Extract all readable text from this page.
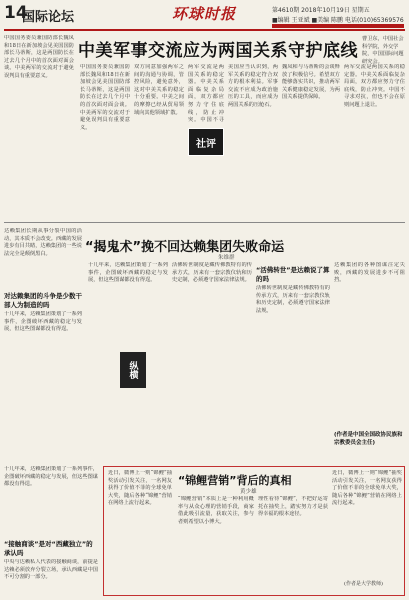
14
国际论坛	环球时报	第4610期 2018年10月19日 星期五
■编辑 王亚斌 ■美编 陈鹏 电话(010)65369576
中国国务委员兼国防部长魏凤和18日在新加坡会见美国国防部长马蒂斯，这是两国防长在过去几个月中的首次面对面会谈。中美两军的交流对于避免误判具有重要意义。
中美军事交流应为两国关系守护底线
曹卫东，中国社会科学院，外交学院，中国国际问题研究会。
中国国务委员兼国防部长魏凤和18日在新加坡会见美国国防部长马蒂斯，这是两国防长在过去几个月中的首次面对面会谈。中美两军的交流对于避免误判具有重要意义。
双方同意加强两军之间的沟通与协调，管控风险，避免意外，这对中美关系的稳定十分重要。中美之间的摩擦已经从贸易领域向其他领域扩散。
两军交流是两国关系的稳定器。中美关系面临复杂局面，双方都应努力守住底线，防止冲突。中国不寻
美国应当认识到，两军关系的稳定符合双方的根本利益。军事交流不应成为政治施压的工具，而应成为两国关系的压舱石。
魏凤和与马蒂斯的会谈释放了积极信号。希望双方能够落实共识，推动两军关系健康稳定发展，为两国关系提供保障。
两军交流是两国关系的稳定器。中美关系面临复杂局面，双方都应努力守住底线，防止冲突。中国不寻求对抗，但也不会在原则问题上退让。
社评
“揭鬼术”挽不回达赖集团失败命运
朱维群
达赖集团长期从事分裂中国的活动，其本质不会改变。西藏的发展进步有目共睹，达赖集团的一些说法完全是颠倒黑白。
对达赖集团的斗争是少数干部人为制造的吗
十几年来，达赖集团策划了一系列事件，企图破坏西藏的稳定与发展，但这些图谋都没有得逞。
十几年来，达赖集团策划了一系列事件，企图破坏西藏的稳定与发展，但这些图谋都没有得逞。
活佛转世制度是藏传佛教特有的传承方式，历来有一套宗教仪轨和历史定制，必须遵守国家法律法规。
“活佛转世”是达赖说了算的吗
活佛转世制度是藏传佛教特有的传承方式，历来有一套宗教仪轨和历史定制，必须遵守国家法律法规。
达赖集团的各种图谋注定失败，西藏的发展进步不可阻挡。
(作者是中国全国政协民族和宗教委员会主任)
纵横
十几年来，达赖集团策划了一系列事件，企图破坏西藏的稳定与发展，但这些图谋都没有得逞。
“接触商谈”是对“西藏独立”的承认吗
中央与达赖私人代表的接触商谈，前提是达赖必须放弃分裂立场，承认西藏是中国不可分割的一部分。
“锦鲤营销”背后的真相
黄少雄
近日，微博上一则“锦鲤”抽奖活动引发关注，一名网友获得了价值不菲的全球免单大奖，随后各种“锦鲤”营销在网络上流行起来。
“锦鲤营销”本质上是一种利用概率与从众心理的营销手段，商家借此吸引流量，获取关注，参与者则希望以小博大。
理性看待“锦鲤”，不把好运寄托在抽奖上，踏实努力才是获得幸福的根本途径。
近日，微博上一则“锦鲤”抽奖活动引发关注，一名网友获得了价值不菲的全球免单大奖，随后各种“锦鲤”营销在网络上流行起来。
(作者是大学教师)
